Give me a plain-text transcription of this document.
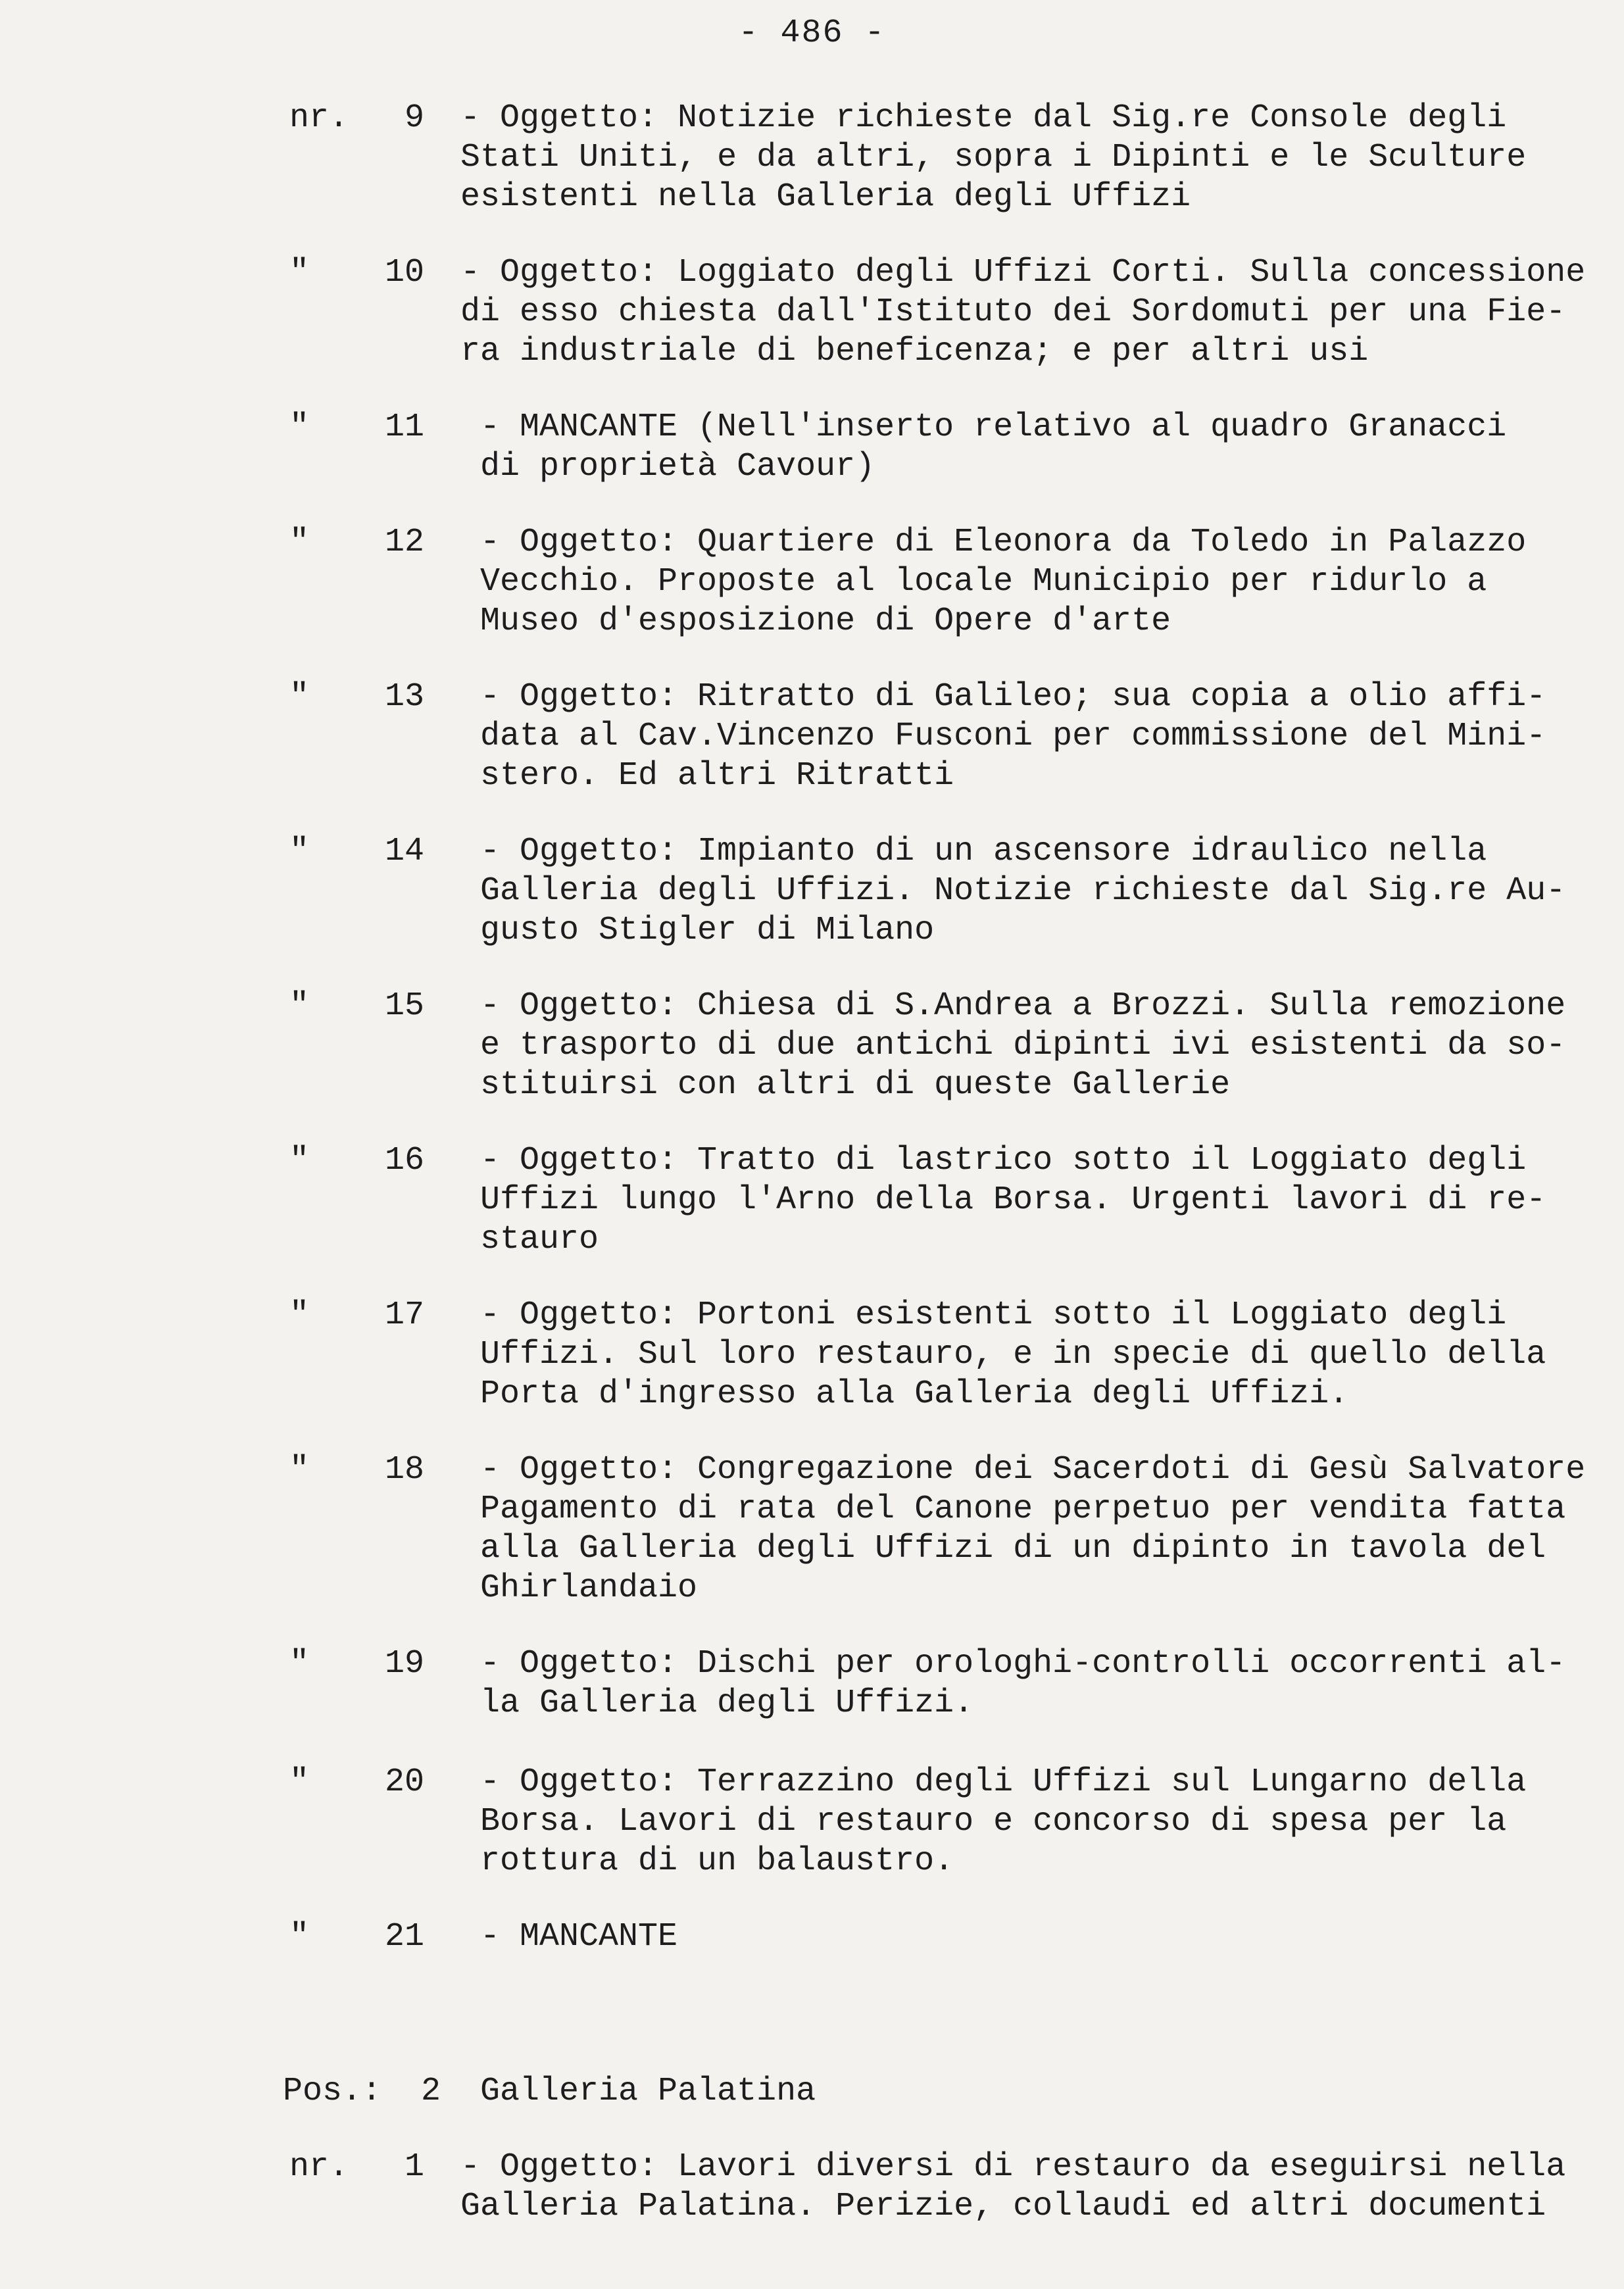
- 486 -
nr.	9 - Oggetto: Notizie richieste dal Sig.re Console degli
Stati Uniti, e da altri, sopra i Dipinti e le Sculture
esistenti nella Galleria degli Uffizi
"	10 - Oggetto: Loggiato degli Uffizi Corti. Sulla concessione
di esso chiesta dall'Istituto dei Sordomuti per una Fie-
ra industriale di beneficenza; e per altri usi
"	11 - MANCANTE (Nell'inserto relativo al quadro Granacci
di proprietà Cavour)
"	12 - Oggetto: Quartiere di Eleonora da Toledo in Palazzo
Vecchio. Proposte al locale Municipio per ridurlo a
Museo d'esposizione di Opere d'arte
"	13 - Oggetto: Ritratto di Galileo; sua copia a olio affi-
data al Cav.Vincenzo Fusconi per commissione del Mini-
stero. Ed altri Ritratti
"	14 - Oggetto: Impianto di un ascensore idraulico nella
Galleria degli Uffizi. Notizie richieste dal Sig.re Au-
gusto Stigler di Milano
"	15 - Oggetto: Chiesa di S.Andrea a Brozzi. Sulla remozione
e trasporto di due antichi dipinti ivi esistenti da so-
stituirsi con altri di queste Gallerie
"	16 - Oggetto: Tratto di lastrico sotto il Loggiato degli
Uffizi lungo l'Arno della Borsa. Urgenti lavori di re-
stauro
"	17 - Oggetto: Portoni esistenti sotto il Loggiato degli
Uffizi. Sul loro restauro, e in specie di quello della
Porta d'ingresso alla Galleria degli Uffizi.
"	18 - Oggetto: Congregazione dei Sacerdoti di Gesù Salvatore
Pagamento di rata del Canone perpetuo per vendita fatta
alla Galleria degli Uffizi di un dipinto in tavola del
Ghirlandaio
"	19 - Oggetto: Dischi per orologhi-controlli occorrenti al-
la Galleria degli Uffizi.
"	20 - Oggetto: Terrazzino degli Uffizi sul Lungarno della
Borsa. Lavori di restauro e concorso di spesa per la
rottura di un balaustro.
"	21 - MANCANTE
Pos.:	2 Galleria Palatina
nr.	1 - Oggetto: Lavori diversi di restauro da eseguirsi nella
Galleria Palatina. Perizie, collaudi ed altri documenti
